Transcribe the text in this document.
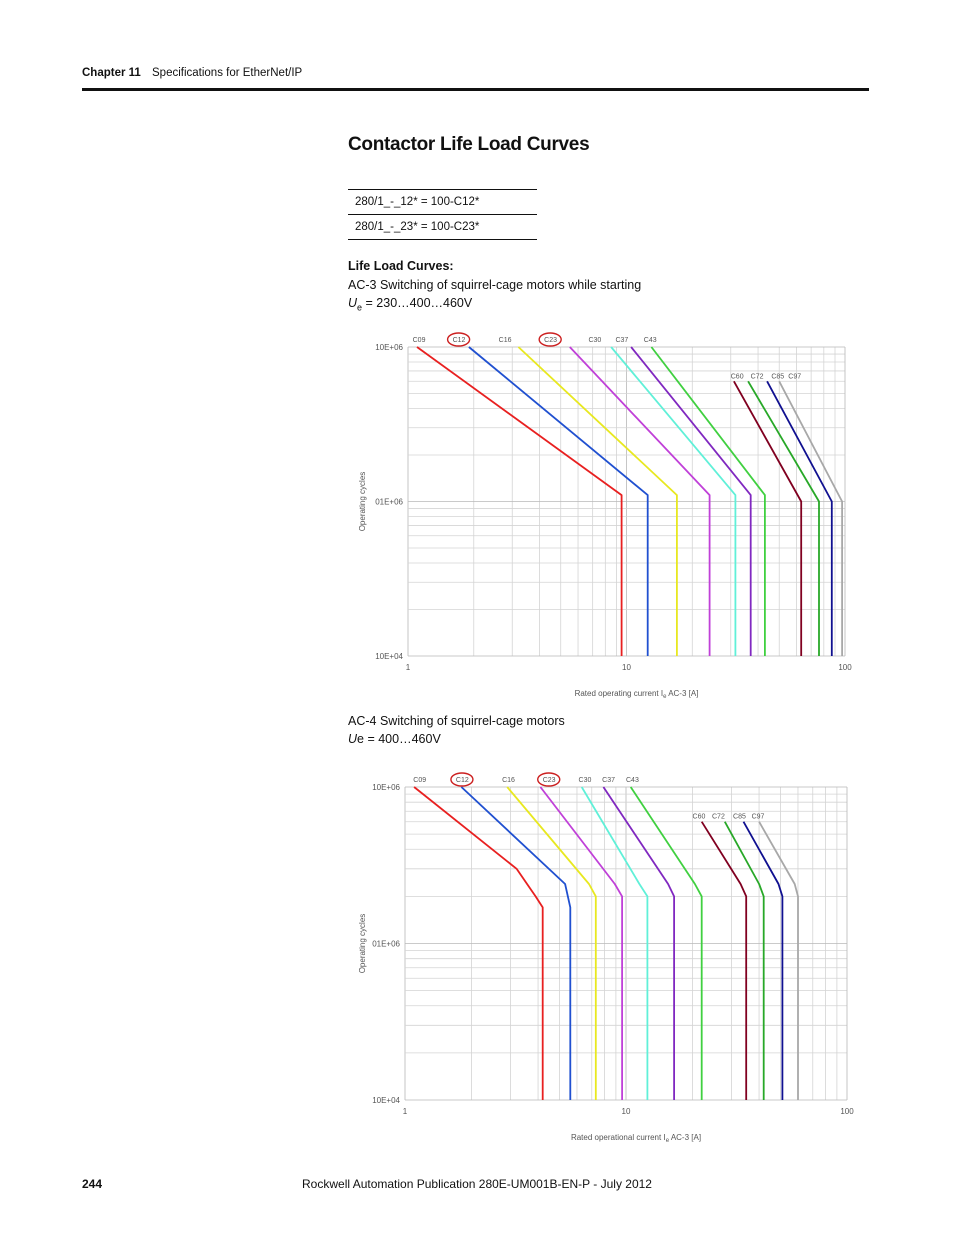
Chapter 11 Specifications for EtherNet/IP
Contactor Life Load Curves
280/1_-_12* = 100-C12*
280/1_-_23* = 100-C23*
Life Load Curves:
AC-3 Switching of squirrel-cage motors while starting
$U_e$ = 230…400…460V
10E+04
01E+06
10E+06
1	10	100
Operating cycles
Rated operating current $I_e$ AC-3 [A]
C09	C12	C16	C23	C30 C37 C43
C60 C72 C85 C97
AC-4 Switching of squirrel-cage motors
Ue = 400…460V
10E+04
01E+06
10E+06
1	10	100
Operating cycles
Rated operational current $I_e$ AC-3 [A]
C09	C12	C16	C23	C30 C37 C43
C60 C72 C85 C97
244	Rockwell Automation Publication 280E-UM001B-EN-P - July 2012
